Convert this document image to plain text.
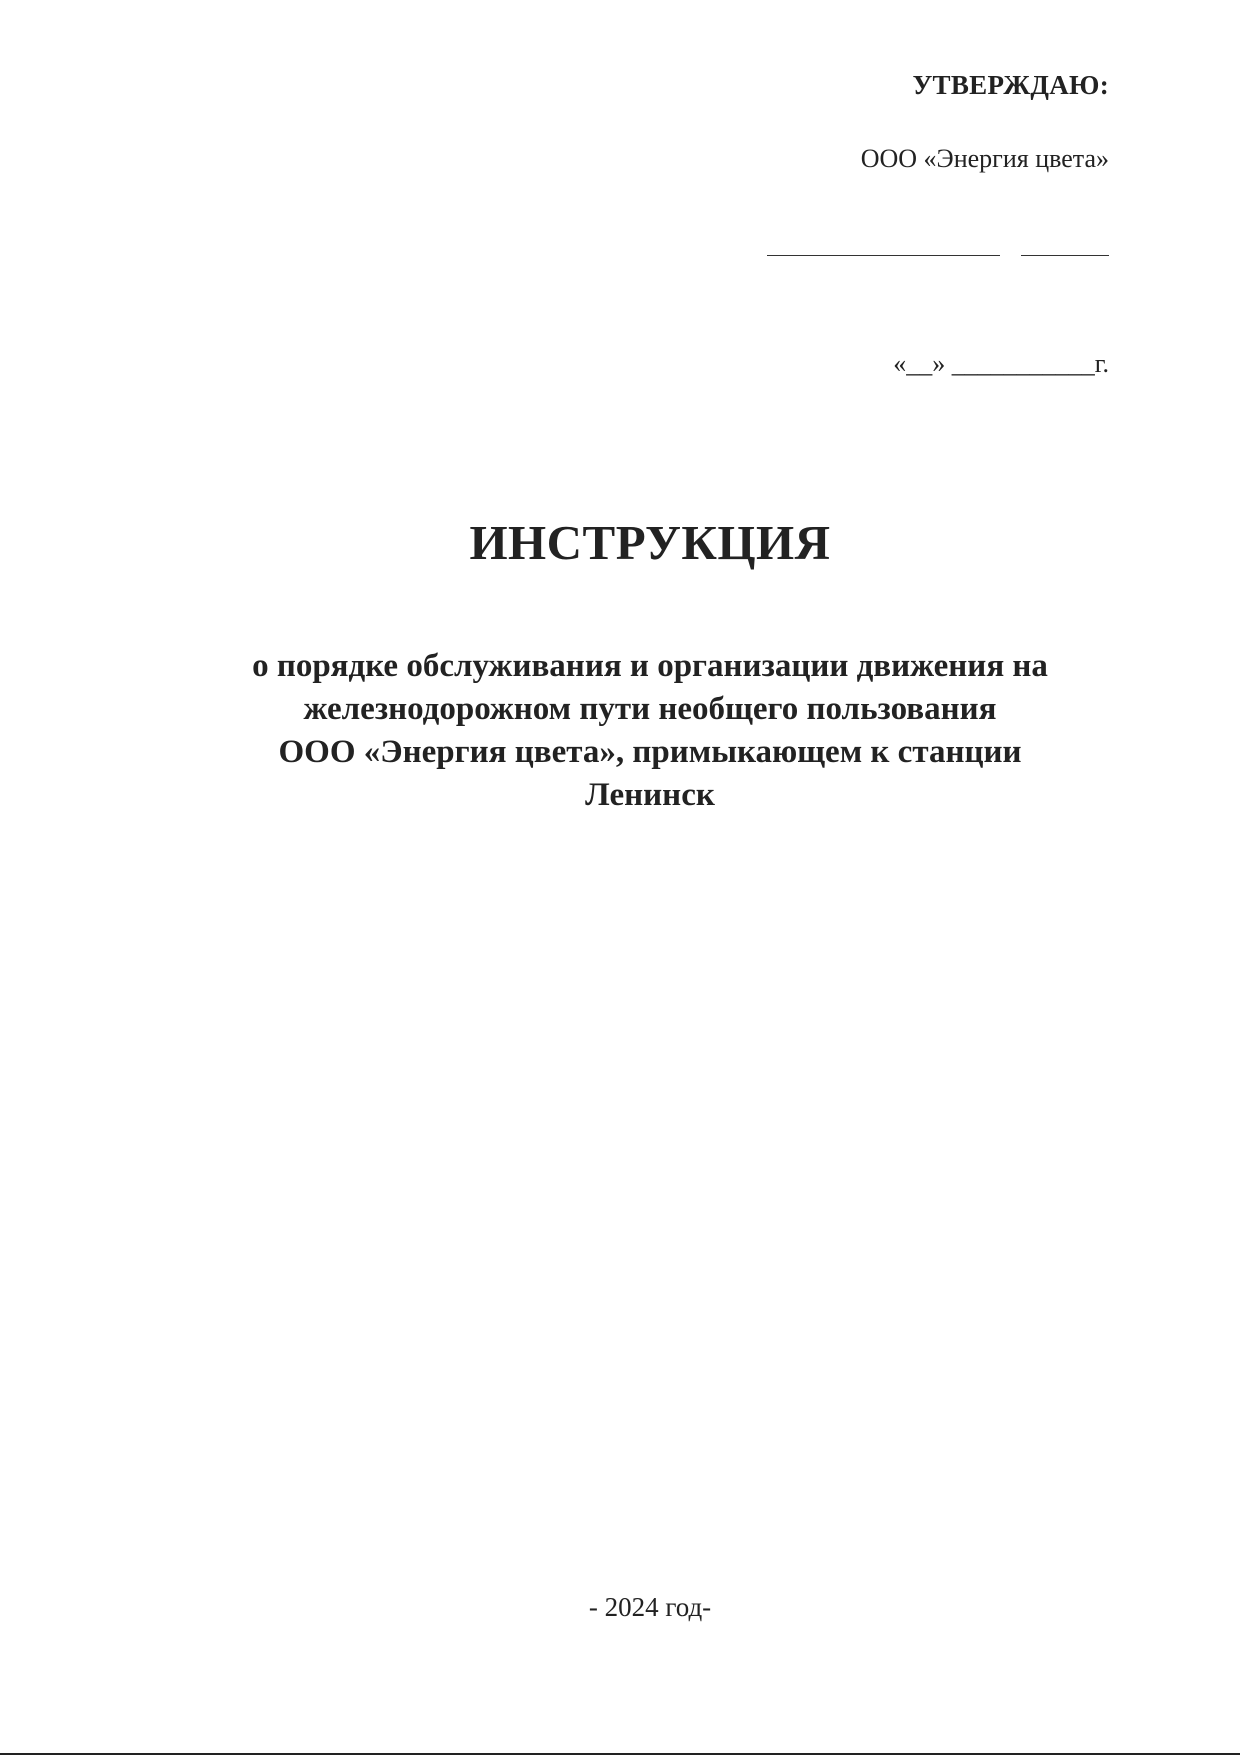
УТВЕРЖДАЮ:

ООО «Энергия цвета»

«__» ___________г.
ИНСТРУКЦИЯ
о порядке обслуживания и организации движения на
железнодорожном пути необщего пользования
ООО «Энергия цвета», примыкающем к станции
Ленинск

- 2024 год-
